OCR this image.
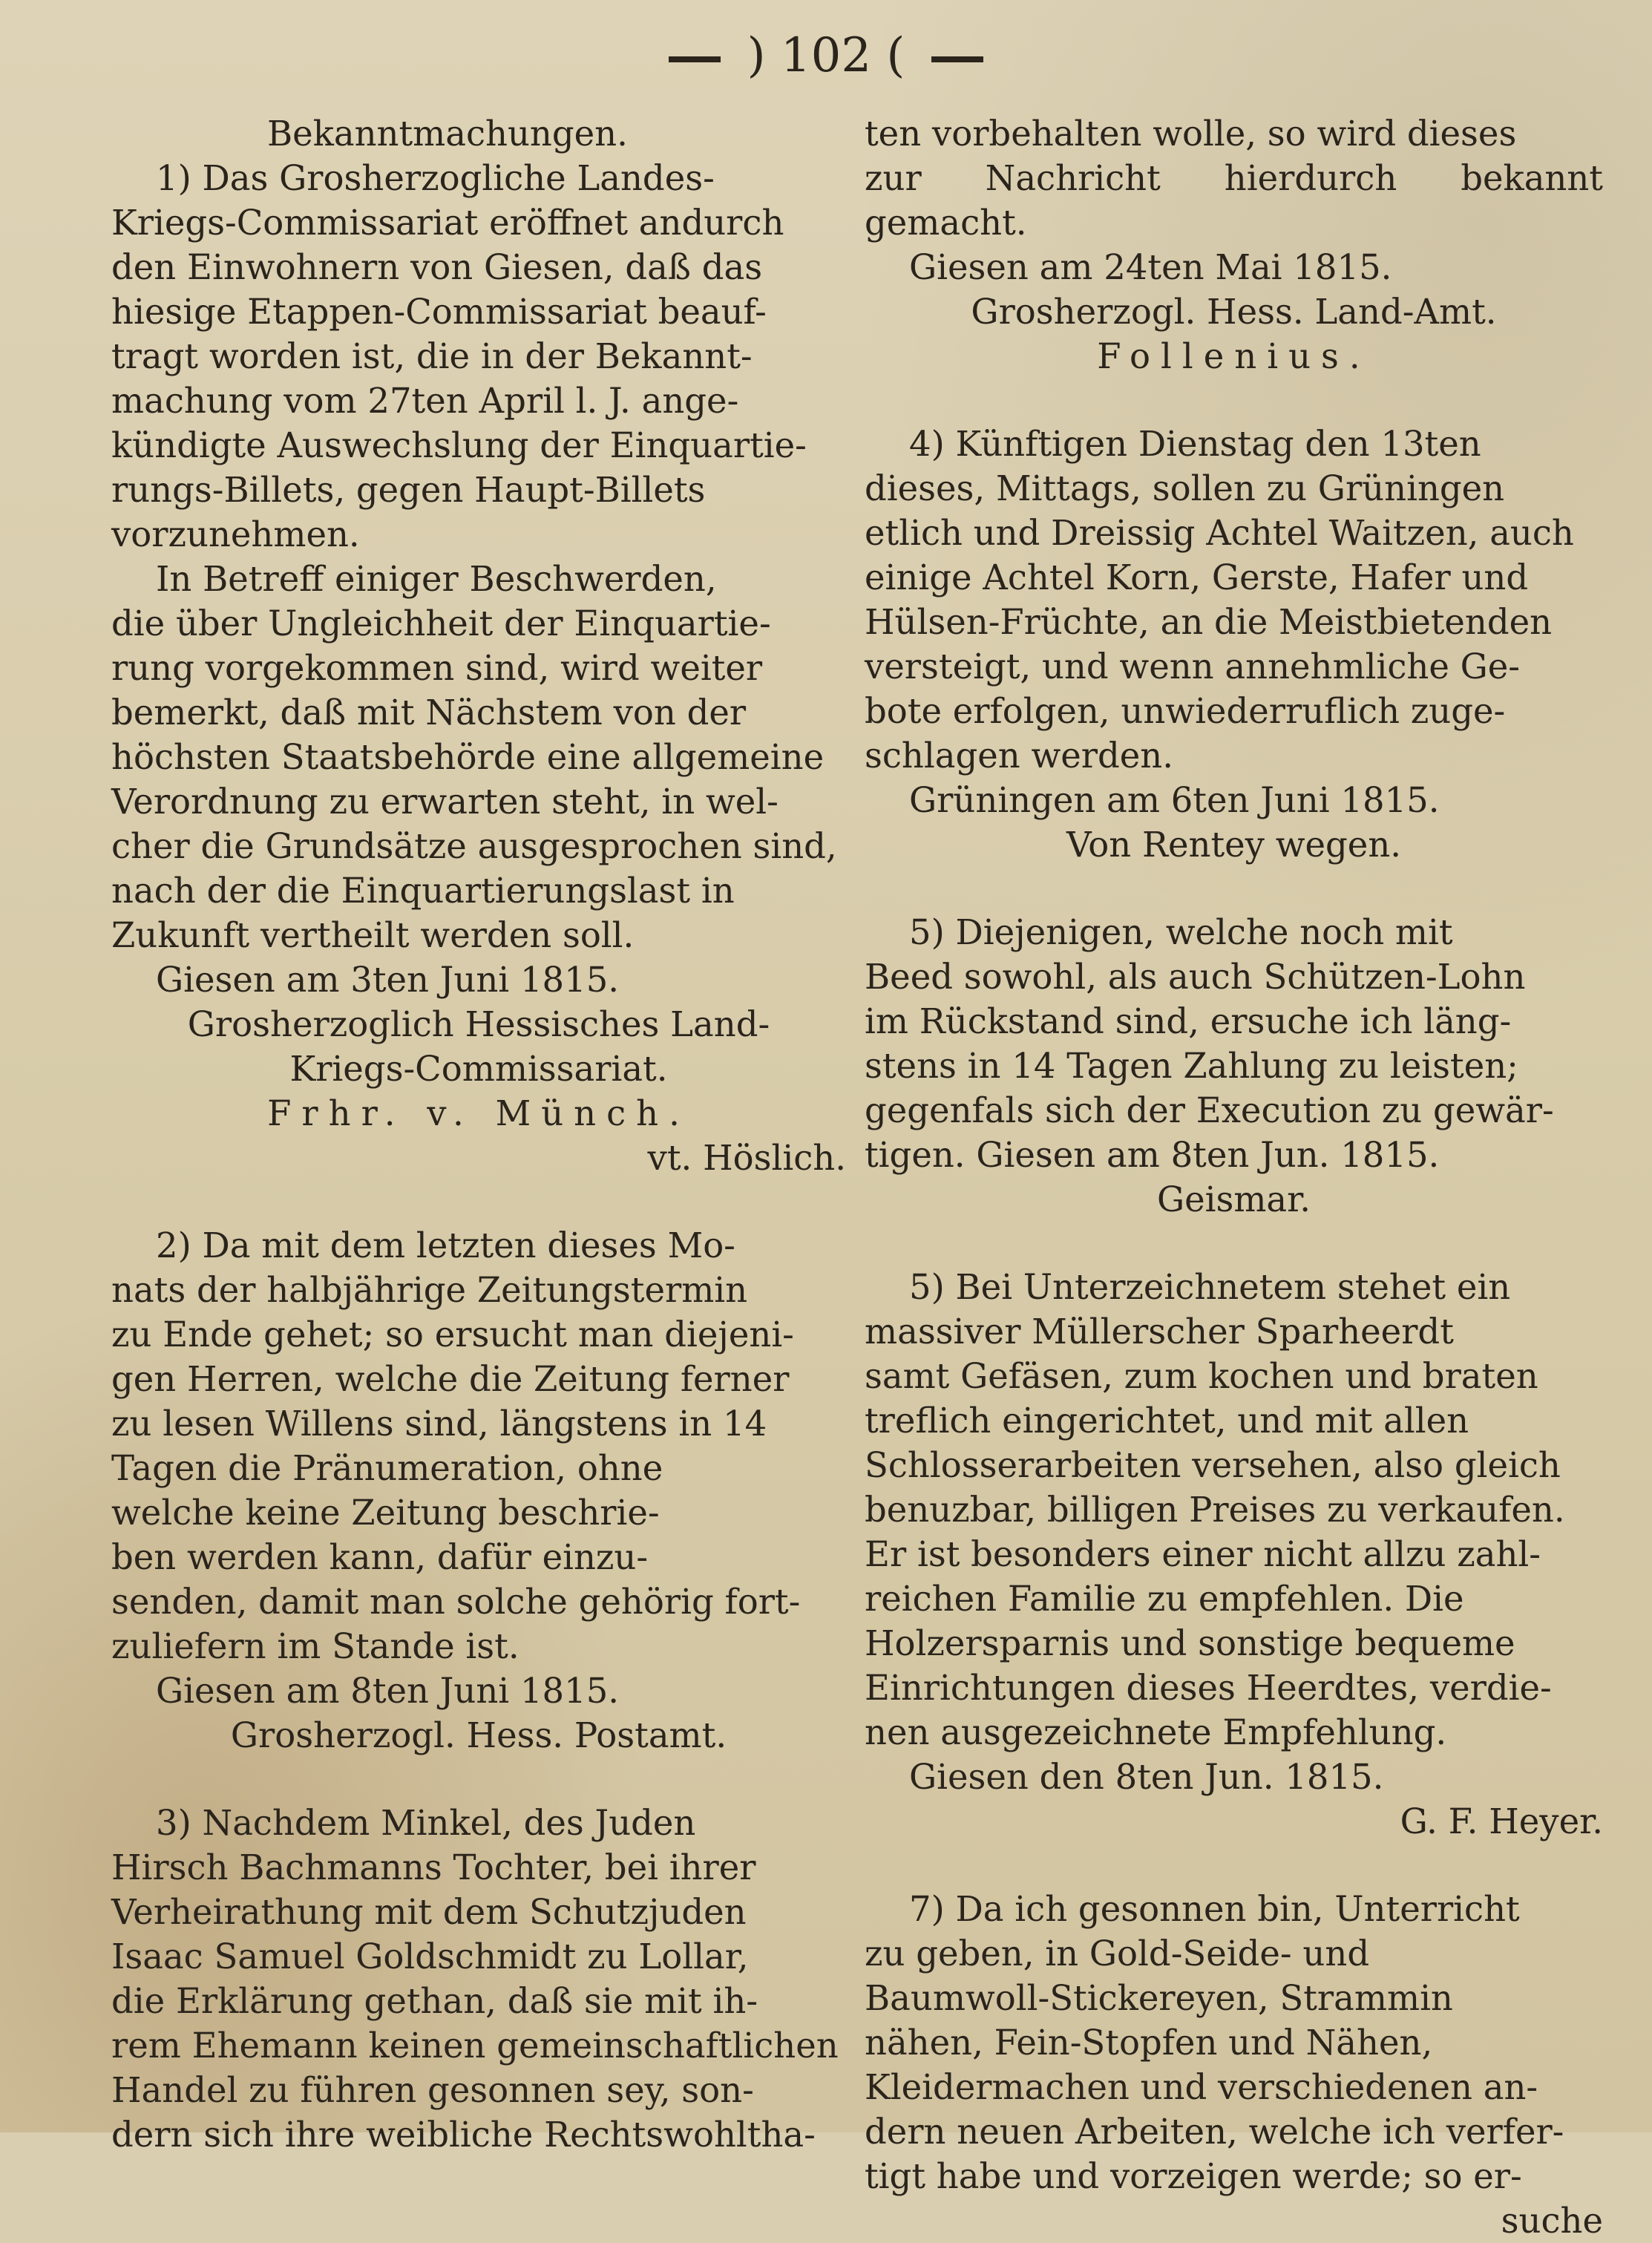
) 102 (

Bekanntmachungen.

1) Das Grosherzogliche Landes-

Kriegs-Commissariat eröffnet andurch

den Einwohnern von Giesen, daß das

hiesige Etappen-Commissariat beauf-

tragt worden ist, die in der Bekannt-

machung vom 27ten April l. J. ange-

kündigte Auswechslung der Einquartie-

rungs-Billets, gegen Haupt-Billets

vorzunehmen.

In Betreff einiger Beschwerden,

die über Ungleichheit der Einquartie-

rung vorgekommen sind, wird weiter

bemerkt, daß mit Nächstem von der

höchsten Staatsbehörde eine allgemeine

Verordnung zu erwarten steht, in wel-

cher die Grundsätze ausgesprochen sind,

nach der die Einquartierungslast in

Zukunft vertheilt werden soll.

Giesen am 3ten Juni 1815.

Grosherzoglich Hessisches Land-

Kriegs-Commissariat.

Frhr. v. Münch.

vt. Höslich.

2) Da mit dem letzten dieses Mo-

nats der halbjährige Zeitungstermin

zu Ende gehet; so ersucht man diejeni-

gen Herren, welche die Zeitung ferner

zu lesen Willens sind, längstens in 14

Tagen die Pränumeration, ohne

welche keine Zeitung beschrie-

ben werden kann, dafür einzu-

senden, damit man solche gehörig fort-

zuliefern im Stande ist.

Giesen am 8ten Juni 1815.

Grosherzogl. Hess. Postamt.

3) Nachdem Minkel, des Juden

Hirsch Bachmanns Tochter, bei ihrer

Verheirathung mit dem Schutzjuden

Isaac Samuel Goldschmidt zu Lollar,

die Erklärung gethan, daß sie mit ih-

rem Ehemann keinen gemeinschaftlichen

Handel zu führen gesonnen sey, son-

dern sich ihre weibliche Rechtswohltha-

ten vorbehalten wolle, so wird dieses

zur Nachricht hierdurch bekannt gemacht.

Giesen am 24ten Mai 1815.

Grosherzogl. Hess. Land-Amt.

Follenius.

4) Künftigen Dienstag den 13ten

dieses, Mittags, sollen zu Grüningen

etlich und Dreissig Achtel Waitzen, auch

einige Achtel Korn, Gerste, Hafer und

Hülsen-Früchte, an die Meistbietenden

versteigt, und wenn annehmliche Ge-

bote erfolgen, unwiederruflich zuge-

schlagen werden.

Grüningen am 6ten Juni 1815.

Von Rentey wegen.

5) Diejenigen, welche noch mit

Beed sowohl, als auch Schützen-Lohn

im Rückstand sind, ersuche ich läng-

stens in 14 Tagen Zahlung zu leisten;

gegenfals sich der Execution zu gewär-

tigen. Giesen am 8ten Jun. 1815.

Geismar.

5) Bei Unterzeichnetem stehet ein

massiver Müllerscher Sparheerdt

samt Gefäsen, zum kochen und braten

treflich eingerichtet, und mit allen

Schlosserarbeiten versehen, also gleich

benuzbar, billigen Preises zu verkaufen.

Er ist besonders einer nicht allzu zahl-

reichen Familie zu empfehlen. Die

Holzersparnis und sonstige bequeme

Einrichtungen dieses Heerdtes, verdie-

nen ausgezeichnete Empfehlung.

Giesen den 8ten Jun. 1815.

G. F. Heyer.

7) Da ich gesonnen bin, Unterricht

zu geben, in Gold-Seide- und

Baumwoll-Stickereyen, Strammin

nähen, Fein-Stopfen und Nähen,

Kleidermachen und verschiedenen an-

dern neuen Arbeiten, welche ich verfer-

tigt habe und vorzeigen werde; so er-

suche
